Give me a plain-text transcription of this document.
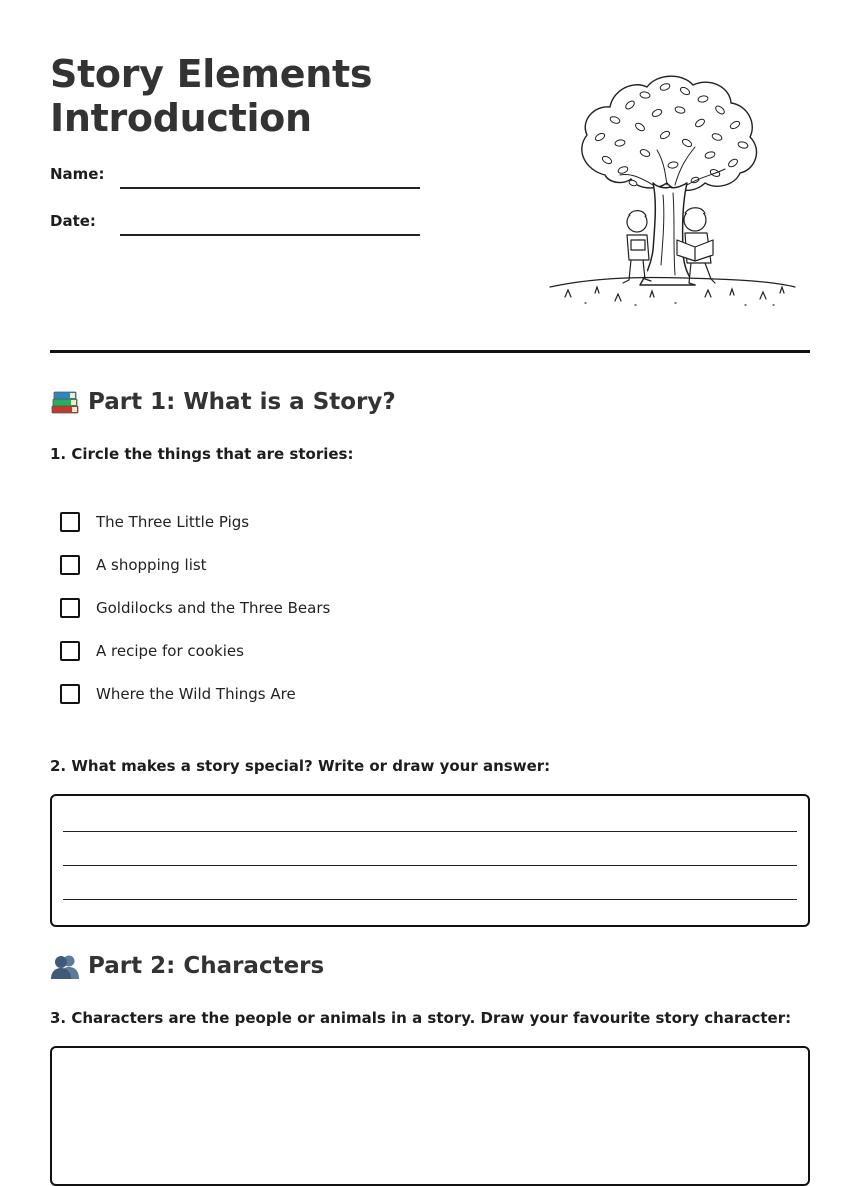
Story Elements
Introduction
Name:
Date:
Part 1: What is a Story?
1. Circle the things that are stories:
The Three Little Pigs
A shopping list
Goldilocks and the Three Bears
A recipe for cookies
Where the Wild Things Are
2. What makes a story special? Write or draw your answer:
Part 2: Characters
3. Characters are the people or animals in a story. Draw your favourite story character:
